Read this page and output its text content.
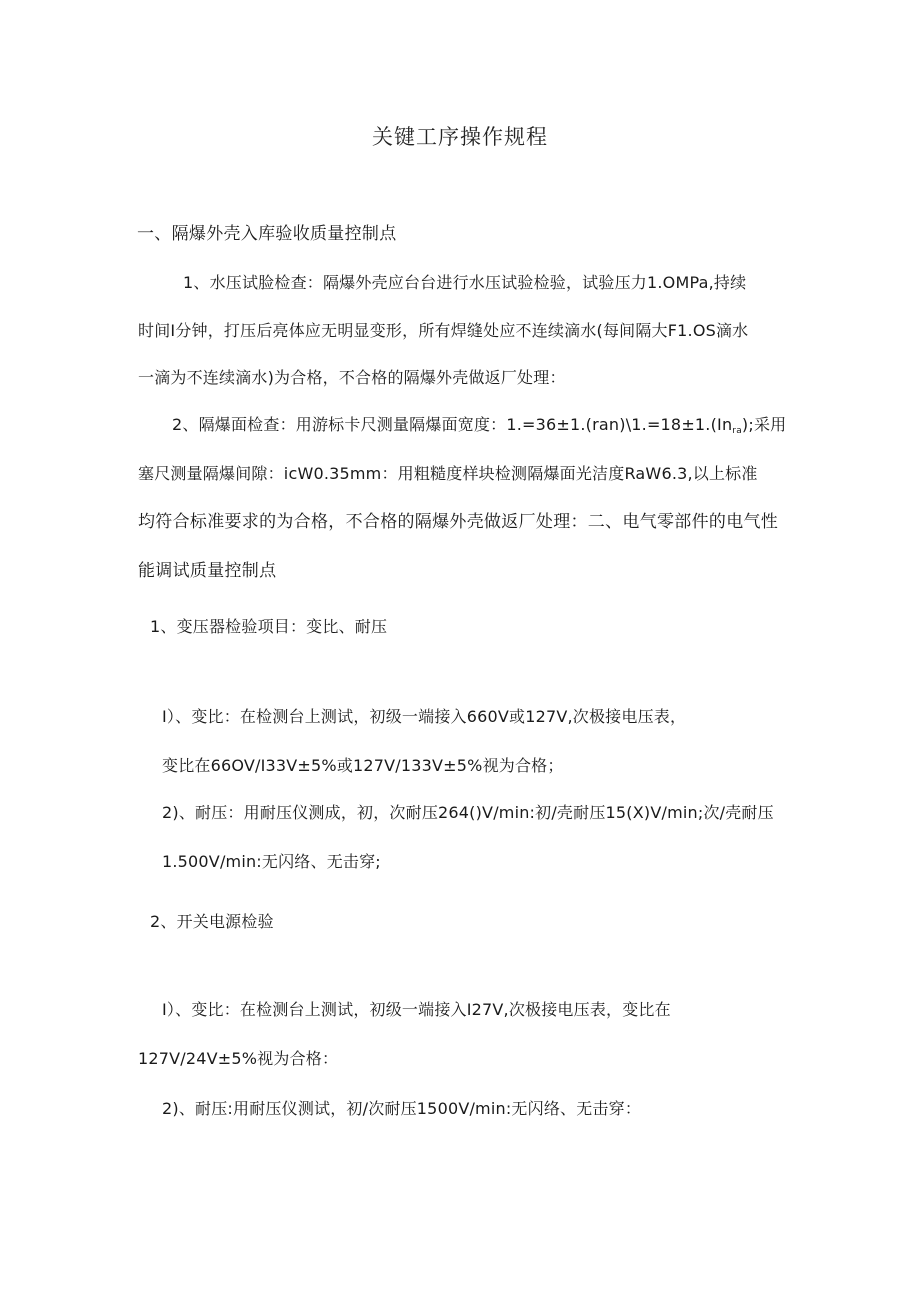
关键工序操作规程
一、隔爆外壳入库验收质量控制点
1、水压试脸检查：隔爆外壳应台台进行水压试验检验，试验压力1.OMPa,持续
时间I分钟，打压后亮体应无明显变形，所有焊缝处应不连续滴水(每间隔大F1.OS滴水
一滴为不连续滴水)为合格，不合格的隔爆外壳做返厂处理：
2、隔爆面检查：用游标卡尺测量隔爆面宽度：$1.=36\pm 1.(ran)\backslash 1.=18\pm 1.(In_{ra})$;采用
塞尺测量隔爆间隙：icW0.35mm：用粗糙度样块检测隔爆面光洁度RaW6.3,以上标准
均符合标准要求的为合格，不合格的隔爆外壳做返厂处理：二、电气零部件的电气性
能调试质量控制点
1、变压器检验项目：变比、耐压
I）、变比：在检测台上测试，初级一端接入660V或127V,次极接电压表，
变比在66OV/I33V±5%或127V/133V±5%视为合格；
2)、耐压：用耐压仪测成，初，次耐压264()V/min:初/壳耐压15(X)V/min;次/壳耐压
1.500V/min:无闪络、无击穿;
2、开关电源检验
I）、变比：在检测台上测试，初级一端接入I27V,次极接电压表，变比在
127V/24V±5%视为合格：
2)、耐压:用耐压仪测试，初/次耐压1500V/min:无闪络、无击穿：
